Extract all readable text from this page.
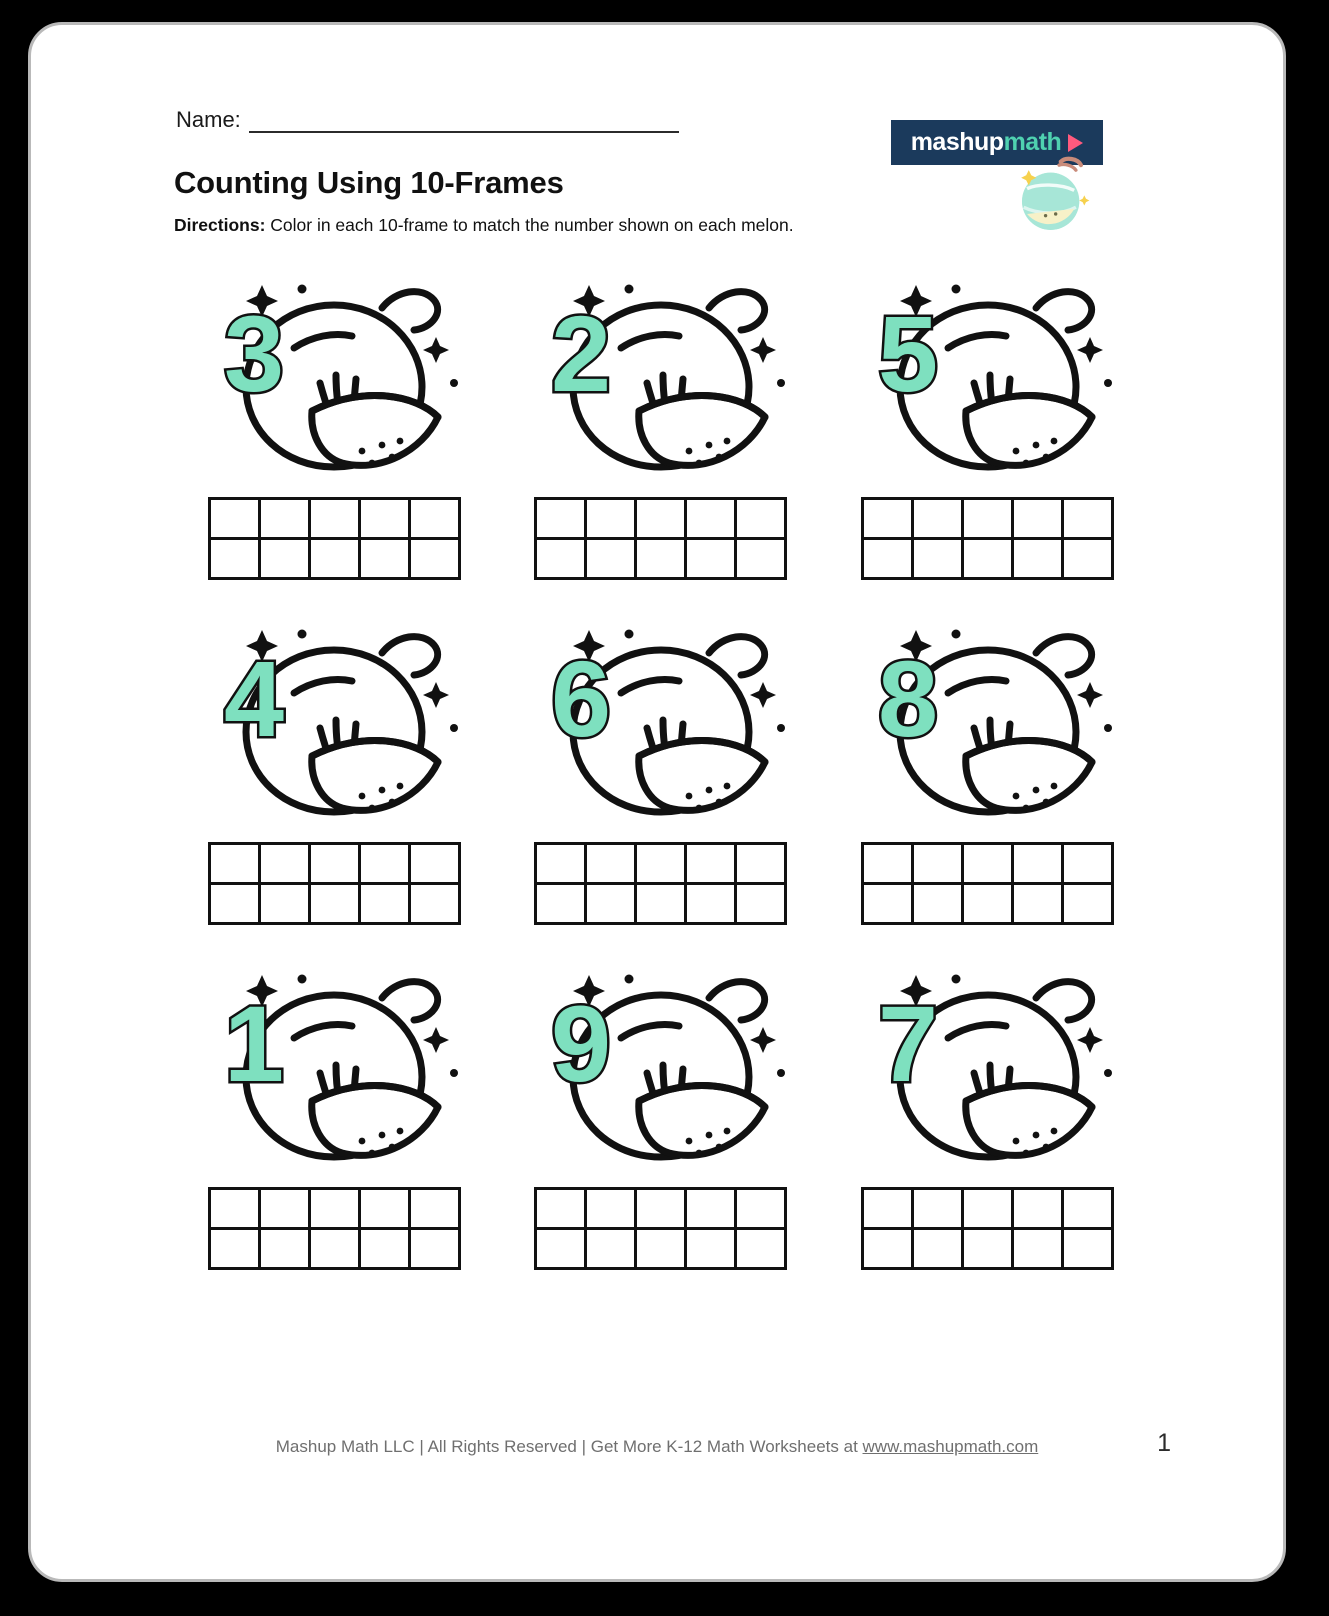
Name:
Counting Using 10-Frames
Directions: Color in each 10-frame to match the number shown on each melon.
mashupmath
3 2 5
4 6 8
1 9 7
Mashup Math LLC | All Rights Reserved | Get More K-12 Math Worksheets at www.mashupmath.com	1
